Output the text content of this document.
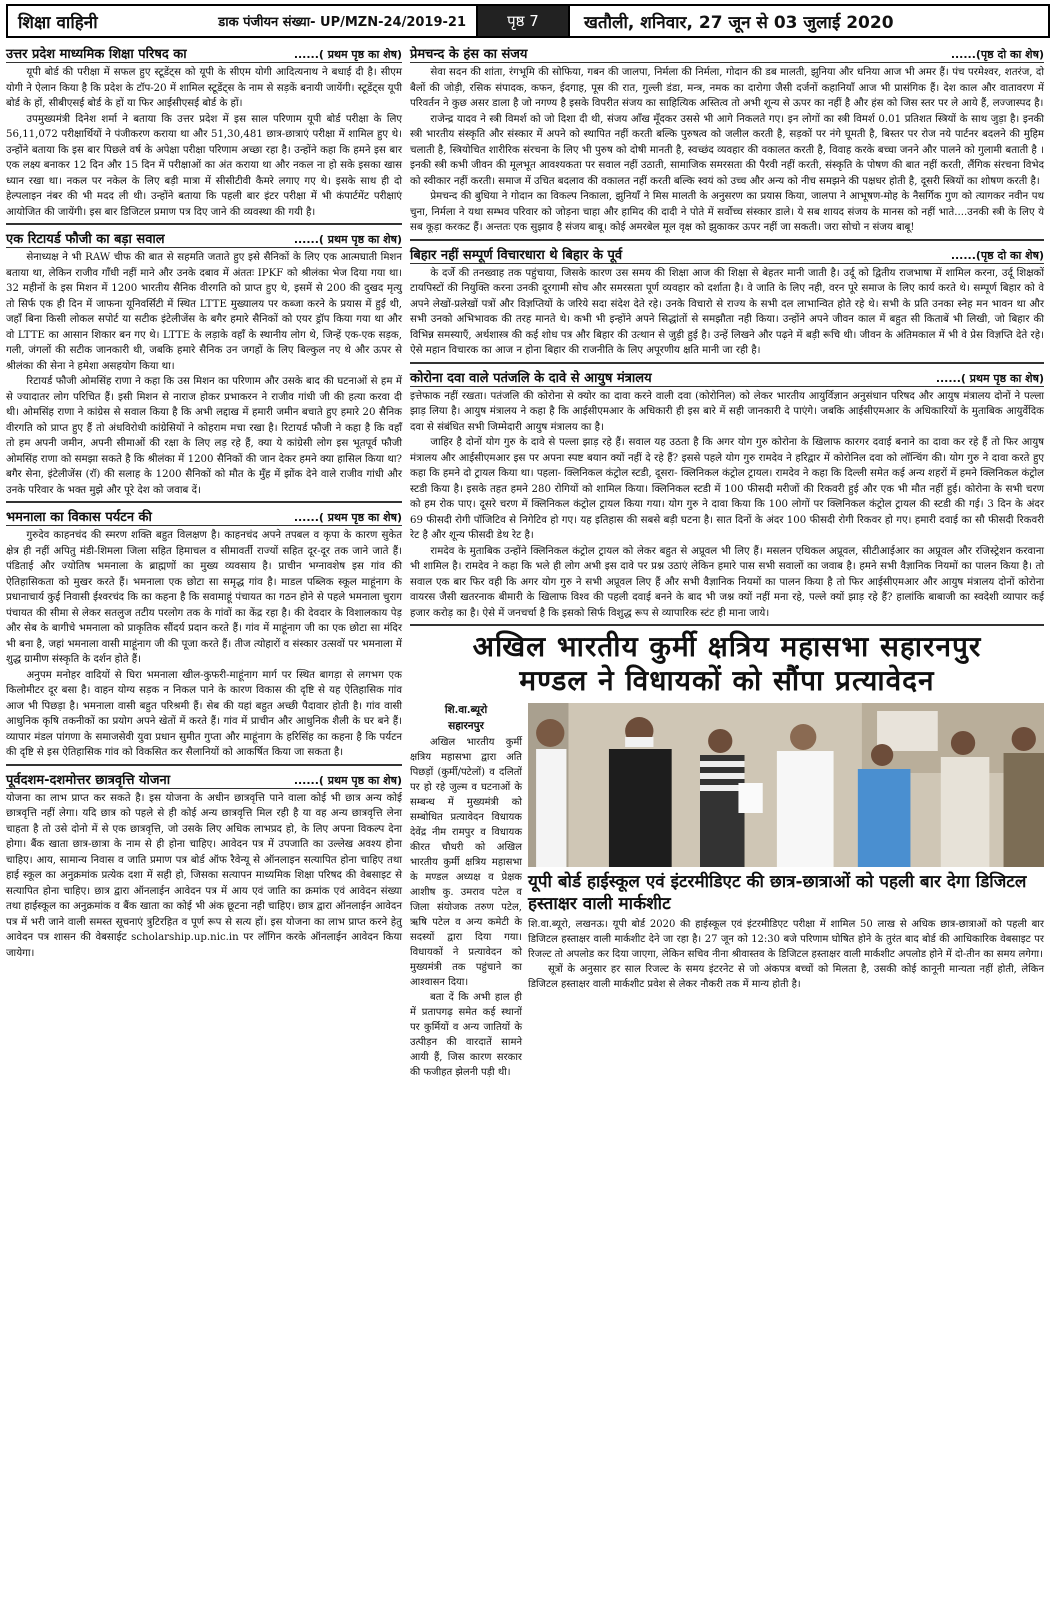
शिक्षा वाहिनी	डाक पंजीयन संख्या- UP/MZN-24/2019-21	पृष्ठ 7	खतौली, शनिवार, 27 जून से 03 जुलाई 2020
उत्तर प्रदेश माध्यमिक शिक्षा परिषद का	......( प्रथम पृष्ठ का शेष)

यूपी बोर्ड की परीक्षा में सफल हुए स्टूडेंट्स को यूपी के सीएम योगी आदित्यनाथ ने बधाई दी है। सीएम योगी ने ऐलान किया है कि प्रदेश के टॉप-20 में शामिल स्टूडेंट्स के नाम से सड़कें बनायी जायेंगी। स्टूडेंट्स यूपी बोर्ड के हों, सीबीएसई बोर्ड के हों या फिर आईसीएसई बोर्ड के हों।

उपमुख्यमंत्री दिनेश शर्मा ने बताया कि उत्तर प्रदेश में इस साल परिणाम यूपी बोर्ड परीक्षा के लिए 56,11,072 परीक्षार्थियों ने पंजीकरण कराया था और 51,30,481 छात्र-छात्राएं परीक्षा में शामिल हुए थे। उन्होंने बताया कि इस बार पिछले वर्ष के अपेक्षा परीक्षा परिणाम अच्छा रहा है। उन्होंने कहा कि हमने इस बार एक लक्ष्य बनाकर 12 दिन और 15 दिन में परीक्षाओं का अंत कराया था और नकल ना हो सके इसका खास ध्यान रखा था। नकल पर नकेल के लिए बड़ी मात्रा में सीसीटीवी कैमरे लगाए गए थे। इसके साथ ही दो हेल्पलाइन नंबर की भी मदद ली थी। उन्होंने बताया कि पहली बार इंटर परीक्षा में भी कंपार्टमेंट परीक्षाएं आयोजित की जायेंगी। इस बार डिजिटल प्रमाण पत्र दिए जाने की व्यवस्था की गयी है।

एक रिटायर्ड फौजी का बड़ा सवाल	......( प्रथम पृष्ठ का शेष)

सेनाध्यक्ष ने भी RAW चीफ की बात से सहमति जताते हुए इसे सैनिकों के लिए एक आत्मघाती मिशन बताया था, लेकिन राजीव गाँधी नहीं माने और उनके दबाव में अंततः IPKF को श्रीलंका भेज दिया गया था। 32 महीनों के इस मिशन में 1200 भारतीय सैनिक वीरगति को प्राप्त हुए थे, इसमें से 200 की दुखद मृत्यु तो सिर्फ एक ही दिन में जाफना यूनिवर्सिटी में स्थित LTTE मुख्यालय पर कब्जा करने के प्रयास में हुई थी, जहाँ बिना किसी लोकल सपोर्ट या सटीक इंटेलीजेंस के बगैर हमारे सैनिकों को एयर ड्रॉप किया गया था और वो LTTE का आसान शिकार बन गए थे। LTTE के लड़ाके वहाँ के स्थानीय लोग थे, जिन्हें एक-एक सड़क, गली, जंगलों की सटीक जानकारी थी, जबकि हमारे सैनिक उन जगहों के लिए बिल्कुल नए थे और ऊपर से श्रीलंका की सेना ने हमेशा असहयोग किया था।

रिटायर्ड फौजी ओमसिंह राणा ने कहा कि उस मिशन का परिणाम और उसके बाद की घटनाओं से हम में से ज्यादातर लोग परिचित हैं। इसी मिशन से नाराज होकर प्रभाकरन ने राजीव गांधी जी की हत्या करवा दी थी। ओमसिंह राणा ने कांग्रेस से सवाल किया है कि अभी लद्दाख में हमारी जमीन बचाते हुए हमारे 20 सैनिक वीरगति को प्राप्त हुए हैं तो अंधविरोधी कांग्रेसियों ने कोहराम मचा रखा है। रिटायर्ड फौजी ने कहा है कि वहाँ तो हम अपनी जमीन, अपनी सीमाओं की रक्षा के लिए लड़ रहे हैं, क्या ये कांग्रेसी लोग इस भूतपूर्व फौजी ओमसिंह राणा को समझा सकते है कि श्रीलंका में 1200 सैनिकों की जान देकर हमने क्या हासिल किया था? बगैर सेना, इंटेलीजेंस (रॉ) की सलाह के 1200 सैनिकों को मौत के मुँह में झोंक देने वाले राजीव गांधी और उनके परिवार के भक्त मुझे और पूरे देश को जवाब दें।

भमनाला का विकास पर्यटन की	......( प्रथम पृष्ठ का शेष)

गुरुदेव काहनचंद की स्मरण शक्ति बहुत विलक्षण है। काहनचंद अपने तपबल व कृपा के कारण सुकेत क्षेत्र ही नहीं अपितु मंडी-शिमला जिला सहित हिमाचल व सीमावर्ती राज्यों सहित दूर-दूर तक जाने जाते हैं। पंडिताई और ज्योतिष भमनाला के ब्राह्मणों का मुख्य व्यवसाय है। प्राचीन भग्नावशेष इस गांव की ऐतिहासिकता को मुखर करते हैं। भमनाला एक छोटा सा समृद्ध गांव है। माडल पब्लिक स्कूल माहूंनाग के प्रधानाचार्य कुई निवासी ईश्वरचंद कि का कहना है कि सवामाहूं पंचायत का गठन होने से पहले भमनाला चुराग पंचायत की सीमा से लेकर सतलुज तटीय परलोग तक के गांवों का केंद्र रहा है। की देवदार के विशालकाय पेड़ और सेब के बागीचे भमनाला को प्राकृतिक सौंदर्य प्रदान करते हैं। गांव में माहूंनाग जी का एक छोटा सा मंदिर भी बना है, जहां भमनाला वासी माहूंनाग जी की पूजा करते हैं। तीज त्योहारों व संस्कार उत्सवों पर भमनाला में शुद्ध ग्रामीण संस्कृति के दर्शन होते हैं।

अनुपम मनोहर वादियों से घिरा भमनाला खील-कुफरी-माहूंनाग मार्ग पर स्थित बागड़ा से लगभग एक किलोमीटर दूर बसा है। वाहन योग्य सड़क न निकल पाने के कारण विकास की दृष्टि से यह ऐतिहासिक गांव आज भी पिछड़ा है। भमनाला वासी बहुत परिश्रमी हैं। सेब की यहां बहुत अच्छी पैदावार होती है। गांव वासी आधुनिक कृषि तकनीकों का प्रयोग अपने खेतों में करते हैं। गांव में प्राचीन और आधुनिक शैली के घर बने हैं। व्यापार मंडल पांगणा के समाजसेवी युवा प्रधान सुमीत गुप्ता और माहूंनाग के हरिसिंह का कहना है कि पर्यटन की दृष्टि से इस ऐतिहासिक गांव को विकसित कर सैलानियों को आकर्षित किया जा सकता है।

पूर्वदशम-दशमोत्तर छात्रवृत्ति योजना	......( प्रथम पृष्ठ का शेष)

योजना का लाभ प्राप्त कर सकते है। इस योजना के अधीन छात्रवृत्ति पाने वाला कोई भी छात्र अन्य कोई छात्रवृत्ति नहीं लेगा। यदि छात्र को पहले से ही कोई अन्य छात्रवृत्ति मिल रही है या वह अन्य छात्रवृत्ति लेना चाहता है तो उसे दोनो में से एक छात्रवृत्ति, जो उसके लिए अधिक लाभप्रद हो, के लिए अपना विकल्प देना होगा। बैंक खाता छात्र-छात्रा के नाम से ही होना चाहिए। आवेदन पत्र में उपजाति का उल्लेख अवश्य होना चाहिए। आय, सामान्य निवास व जाति प्रमाण पत्र बोर्ड ऑफ रैवेन्यू से ऑनलाइन सत्यापित होना चाहिए तथा हाई स्कूल का अनुक्रमांक प्रत्येक दशा में सही हो, जिसका सत्यापन माध्यमिक शिक्षा परिषद की वेबसाइट से सत्यापित होना चाहिए। छात्र द्वारा ऑनलाईन आवेदन पत्र में आय एवं जाति का क्रमांक एवं आवेदन संख्या तथा हाईस्कूल का अनुक्रमांक व बैंक खाता का कोई भी अंक छूटना नही चाहिए। छात्र द्वारा ऑनलाईन आवेदन पत्र में भरी जाने वाली समस्त सूचनाएं त्रुटिरहित व पूर्ण रूप से सत्य हों। इस योजना का लाभ प्राप्त करने हेतु आवेदन पत्र शासन की वेबसाईट scholarship.up.nic.in पर लॉगिन करके ऑनलाईन आवेदन किया जायेगा।

प्रेमचन्द के हंस का संजय	......(पृष्ठ दो का शेष)

सेवा सदन की शांता, रंगभूमि की सोफिया, गबन की जालपा, निर्मला की निर्मला, गोदान की डब मालती, झुनिया और धनिया आज भी अमर हैं। पंच परमेश्वर, शतरंज, दो बैलों की जोड़ी, रसिक संपादक, कफन, ईदगाह, पूस की रात, गुल्ली डंडा, मन्त्र, नमक का दारोगा जैसी दर्जनों कहानियाँ आज भी प्रासंगिक हैं। देश काल और वातावरण में परिवर्तन ने कुछ असर डाला है जो नगण्य है इसके विपरीत संजय का साहित्यिक अस्तित्व तो अभी शून्य से ऊपर का नहीं है और हंस को जिस स्तर पर ले आये हैं, लज्जास्पद है।

राजेन्द्र यादव ने स्त्री विमर्श को जो दिशा दी थी, संजय आँख मूँदकर उससे भी आगे निकलते गए। इन लोगों का स्त्री विमर्श 0.01 प्रतिशत स्त्रियों के साथ जुड़ा है। इनकी स्त्री भारतीय संस्कृति और संस्कार में अपने को स्थापित नहीं करती बल्कि पुरुषत्व को जलील करती है, सड़कों पर नंगे घूमती है, बिस्तर पर रोज नये पार्टनर बदलने की मुहिम चलाती है, स्त्रियोचित शारीरिक संरचना के लिए भी पुरुष को दोषी मानती है, स्वच्छंद व्यवहार की वकालत करती है, विवाह करके बच्चा जनने और पालने को गुलामी बताती है । इनकी स्त्री कभी जीवन की मूलभूत आवश्यकता पर सवाल नहीं उठाती, सामाजिक समरसता की पैरवी नहीं करती, संस्कृति के पोषण की बात नहीं करती, लैंगिक संरचना विभेद को स्वीकार नहीं करती। समाज में उचित बदलाव की वकालत नहीं करती बल्कि स्वयं को उच्च और अन्य को नीच समझने की पक्षधर होती है, दूसरी स्त्रियों का शोषण करती है।

प्रेमचन्द की बुधिया ने गोदान का विकल्प निकाला, झुनियाँ ने मिस मालती के अनुसरण का प्रयास किया, जालपा ने आभूषण-मोह के नैसर्गिक गुण को त्यागकर नवीन पथ चुना, निर्मला ने यथा सम्भव परिवार को जोड़ना चाहा और हामिद की दादी ने पोते में सर्वोच्च संस्कार डाले। ये सब शायद संजय के मानस को नहीं भाते....उनकी स्त्री के लिए ये सब कूड़ा करकट हैं। अन्ततः एक सुझाव है संजय बाबू। कोई अमरबेल मूल वृक्ष को झुकाकर ऊपर नहीं जा सकती। जरा सोचो न संजय बाबू!

बिहार नहीं सम्पूर्ण विचारधारा थे बिहार के पूर्व	......(पृष्ठ दो का शेष)

के दर्जे की तनख्वाह तक पहुंचाया, जिसके कारण उस समय की शिक्षा आज की शिक्षा से बेहतर मानी जाती है। उर्दू को द्वितीय राजभाषा में शामिल करना, उर्दू शिक्षकों टायपिस्टों की नियुक्ति करना उनकी दूरगामी सोच और समरसता पूर्ण व्यवहार को दर्शाता है। वे जाति के लिए नही, वरन पूरे समाज के लिए कार्य करते थे। सम्पूर्ण बिहार को वे अपने लेखों-प्रलेखों पत्रों और विज्ञप्तियों के जरिये सदा संदेश देते रहे। उनके विचारो से राज्य के सभी दल लाभान्वित होते रहे थे। सभी के प्रति उनका स्नेह मन भावन था और सभी उनको अभिभावक की तरह मानते थे। कभी भी इन्होंने अपने सिद्धांतों से समझौता नही किया। उन्होंने अपने जीवन काल में बहुत सी किताबें भी लिखी, जो बिहार की विभिन्न समस्याएँ, अर्थशास्त्र की कई शोध पत्र और बिहार की उत्थान से जुड़ी हुई है। उन्हें लिखने और पढ़ने में बड़ी रूचि थी। जीवन के अंतिमकाल में भी वे प्रेस विज्ञप्ति देते रहे। ऐसे महान विचारक का आज न होना बिहार की राजनीति के लिए अपूरणीय क्षति मानी जा रही है।

कोरोना दवा वाले पतंजलि के दावे से आयुष मंत्रालय	......( प्रथम पृष्ठ का शेष)

इत्तेफाक नहीं रखता। पतंजलि की कोरोना से क्योर का दावा करने वाली दवा (कोरोनिल) को लेकर भारतीय आयुर्विज्ञान अनुसंधान परिषद और आयुष मंत्रालय दोनों ने पल्ला झाड़ लिया है। आयुष मंत्रालय ने कहा है कि आईसीएमआर के अधिकारी ही इस बारे में सही जानकारी दे पाएंगे। जबकि आईसीएमआर के अधिकारियों के मुताबिक आयुर्वेदिक दवा से संबंधित सभी जिम्मेदारी आयुष मंत्रालय का है।

जाहिर है दोनों योग गुरु के दावे से पल्ला झाड़ रहे हैं। सवाल यह उठता है कि अगर योग गुरु कोरोना के खिलाफ कारगर दवाई बनाने का दावा कर रहे हैं तो फिर आयुष मंत्रालय और आईसीएमआर इस पर अपना स्पष्ट बयान क्यों नहीं दे रहे हैं? इससे पहले योग गुरु रामदेव ने हरिद्वार में कोरोनिल दवा को लॉन्चिंग की। योग गुरु ने दावा करते हुए कहा कि हमने दो ट्रायल किया था। पहला- क्लिनिकल कंट्रोल स्टडी, दूसरा- क्लिनिकल कंट्रोल ट्रायल। रामदेव ने कहा कि दिल्ली समेत कई अन्य शहरों में हमने क्लिनिकल कंट्रोल स्टडी किया है। इसके तहत हमने 280 रोगियों को शामिल किया। क्लिनिकल स्टडी में 100 फीसदी मरीजों की रिकवरी हुई और एक भी मौत नहीं हुई। कोरोना के सभी चरण को हम रोक पाए। दूसरे चरण में क्लिनिकल कंट्रोल ट्रायल किया गया। योग गुरु ने दावा किया कि 100 लोगों पर क्लिनिकल कंट्रोल ट्रायल की स्टडी की गई। 3 दिन के अंदर 69 फीसदी रोगी पॉजिटिव से निगेटिव हो गए। यह इतिहास की सबसे बड़ी घटना है। सात दिनों के अंदर 100 फीसदी रोगी रिकवर हो गए। हमारी दवाई का सौ फीसदी रिकवरी रेट है और शून्य फीसदी डेथ रेट है।

रामदेव के मुताबिक उन्होंने क्लिनिकल कंट्रोल ट्रायल को लेकर बहुत से अप्रूवल भी लिए हैं। मसलन एथिकल अप्रूवल, सीटीआईआर का अप्रूवल और रजिस्ट्रेशन करवाना भी शामिल है। रामदेव ने कहा कि भले ही लोग अभी इस दावे पर प्रश्न उठाएं लेकिन हमारे पास सभी सवालों का जवाब है। हमने सभी वैज्ञानिक नियमों का पालन किया है। तो सवाल एक बार फिर वही कि अगर योग गुरु ने सभी अप्रूवल लिए हैं और सभी वैज्ञानिक नियमों का पालन किया है तो फिर आईसीएमआर और आयुष मंत्रालय दोनों कोरोना वायरस जैसी खतरनाक बीमारी के खिलाफ विश्व की पहली दवाई बनने के बाद भी जश्न क्यों नहीं मना रहे, पल्ले क्यों झाड़ रहे हैं? हालांकि बाबाजी का स्वदेशी व्यापार कई हजार करोड़ का है। ऐसे में जनचर्चा है कि इसको सिर्फ विशुद्ध रूप से व्यापारिक स्टंट ही माना जाये।

अखिल भारतीय कुर्मी क्षत्रिय महासभा सहारनपुर
मण्डल ने विधायकों को सौंपा प्रत्यावेदन

शि.वा.ब्यूरो

सहारनपुर

अखिल भारतीय कुर्मी क्षत्रिय महासभा द्वारा अति पिछड़ों (कुर्मी/पटेलों) व दलितों पर हो रहे जुल्म व घटनाओं के सम्बन्ध में मुख्यमंत्री को सम्बोधित प्रत्यावेदन विधायक देवेंद्र नीम रामपुर व विधायक कीरत चौधरी को अखिल भारतीय कुर्मी क्षत्रिय महासभा के मण्डल अध्यक्ष व प्रेक्षक आशीष कु. उमराव पटेल व जिला संयोजक तरुण पटेल, ऋषि पटेल व अन्य कमेटी के सदस्यों द्वारा दिया गया। विधायकों ने प्रत्यावेदन को मुख्यमंत्री तक पहुंचाने का आश्वासन दिया।

बता दें कि अभी हाल ही में प्रतापगढ़ समेत कई स्थानों पर कुर्मियों व अन्य जातियों के उत्पीड़न की वारदातें सामने आयी हैं, जिस कारण सरकार की फजीहत झेलनी पड़ी थी।

यूपी बोर्ड हाईस्कूल एवं इंटरमीडिएट की छात्र-छात्राओं को पहली बार देगा डिजिटल हस्ताक्षर वाली मार्कशीट

शि.वा.ब्यूरो, लखनऊ। यूपी बोर्ड 2020 की हाईस्कूल एवं इंटरमीडिएट परीक्षा में शामिल 50 लाख से अधिक छात्र-छात्राओं को पहली बार डिजिटल हस्ताक्षर वाली मार्कशीट देने जा रहा है। 27 जून को 12:30 बजे परिणाम घोषित होने के तुरंत बाद बोर्ड की आधिकारिक वेबसाइट पर रिजल्ट तो अपलोड कर दिया जाएगा, लेकिन सचिव नीना श्रीवास्तव के डिजिटल हस्ताक्षर वाली मार्कशीट अपलोड होने में दो-तीन का समय लगेगा।

सूत्रों के अनुसार हर साल रिजल्ट के समय इंटरनेट से जो अंकपत्र बच्चों को मिलता है, उसकी कोई कानूनी मान्यता नहीं होती, लेकिन डिजिटल हस्ताक्षर वाली मार्कशीट प्रवेश से लेकर नौकरी तक में मान्य होती है।
